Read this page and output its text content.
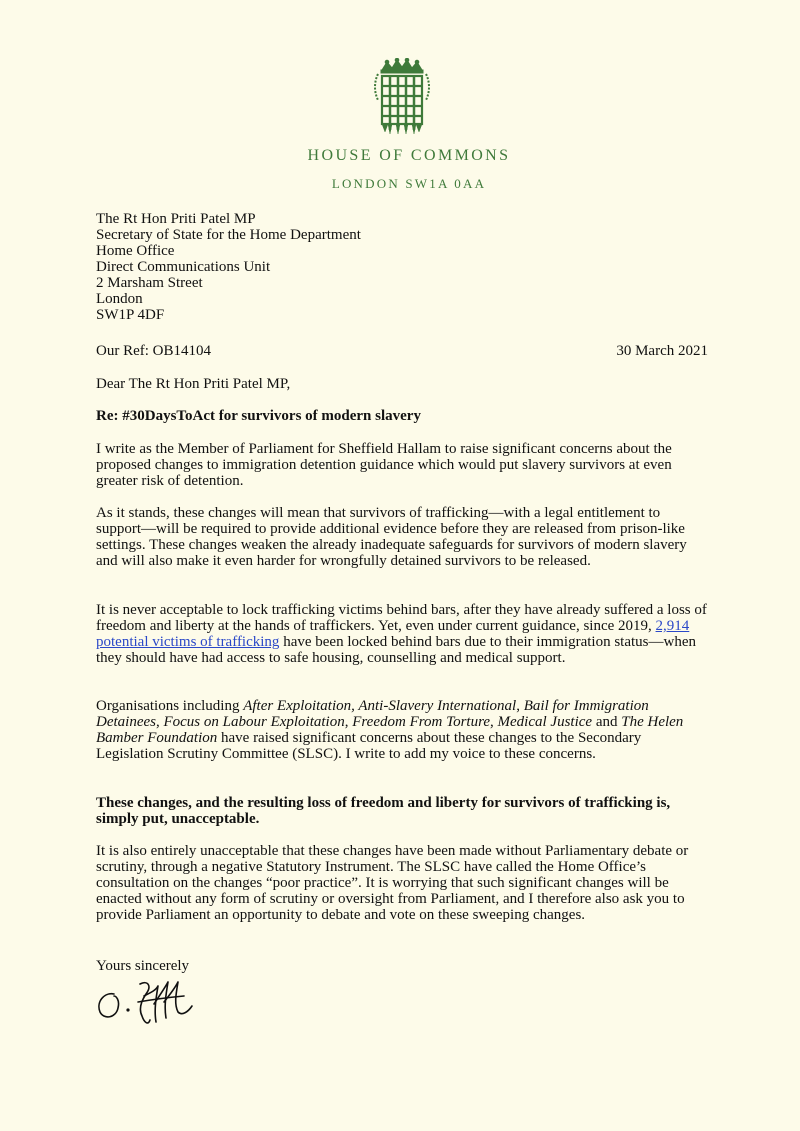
HOUSE OF COMMONS
LONDON SW1A 0AA
The Rt Hon Priti Patel MP
Secretary of State for the Home Department
Home Office
Direct Communications Unit
2 Marsham Street
London
SW1P 4DF
Our Ref: OB14104	30 March 2021
Dear The Rt Hon Priti Patel MP,
Re: #30DaysToAct for survivors of modern slavery

I write as the Member of Parliament for Sheffield Hallam to raise significant concerns about the proposed changes to immigration detention guidance which would put slavery survivors at even greater risk of detention.

As it stands, these changes will mean that survivors of trafficking—with a legal entitlement to support—will be required to provide additional evidence before they are released from prison-like settings. These changes weaken the already inadequate safeguards for survivors of modern slavery and will also make it even harder for wrongfully detained survivors to be released.

It is never acceptable to lock trafficking victims behind bars, after they have already suffered a loss of freedom and liberty at the hands of traffickers. Yet, even under current guidance, since 2019, 2,914 potential victims of trafficking have been locked behind bars due to their immigration status—when they should have had access to safe housing, counselling and medical support.

Organisations including After Exploitation, Anti-Slavery International, Bail for Immigration Detainees, Focus on Labour Exploitation, Freedom From Torture, Medical Justice and The Helen Bamber Foundation have raised significant concerns about these changes to the Secondary Legislation Scrutiny Committee (SLSC). I write to add my voice to these concerns.

These changes, and the resulting loss of freedom and liberty for survivors of trafficking is, simply put, unacceptable.

It is also entirely unacceptable that these changes have been made without Parliamentary debate or scrutiny, through a negative Statutory Instrument. The SLSC have called the Home Office’s consultation on the changes “poor practice”. It is worrying that such significant changes will be enacted without any form of scrutiny or oversight from Parliament, and I therefore also ask you to provide Parliament an opportunity to debate and vote on these sweeping changes.

Yours sincerely
